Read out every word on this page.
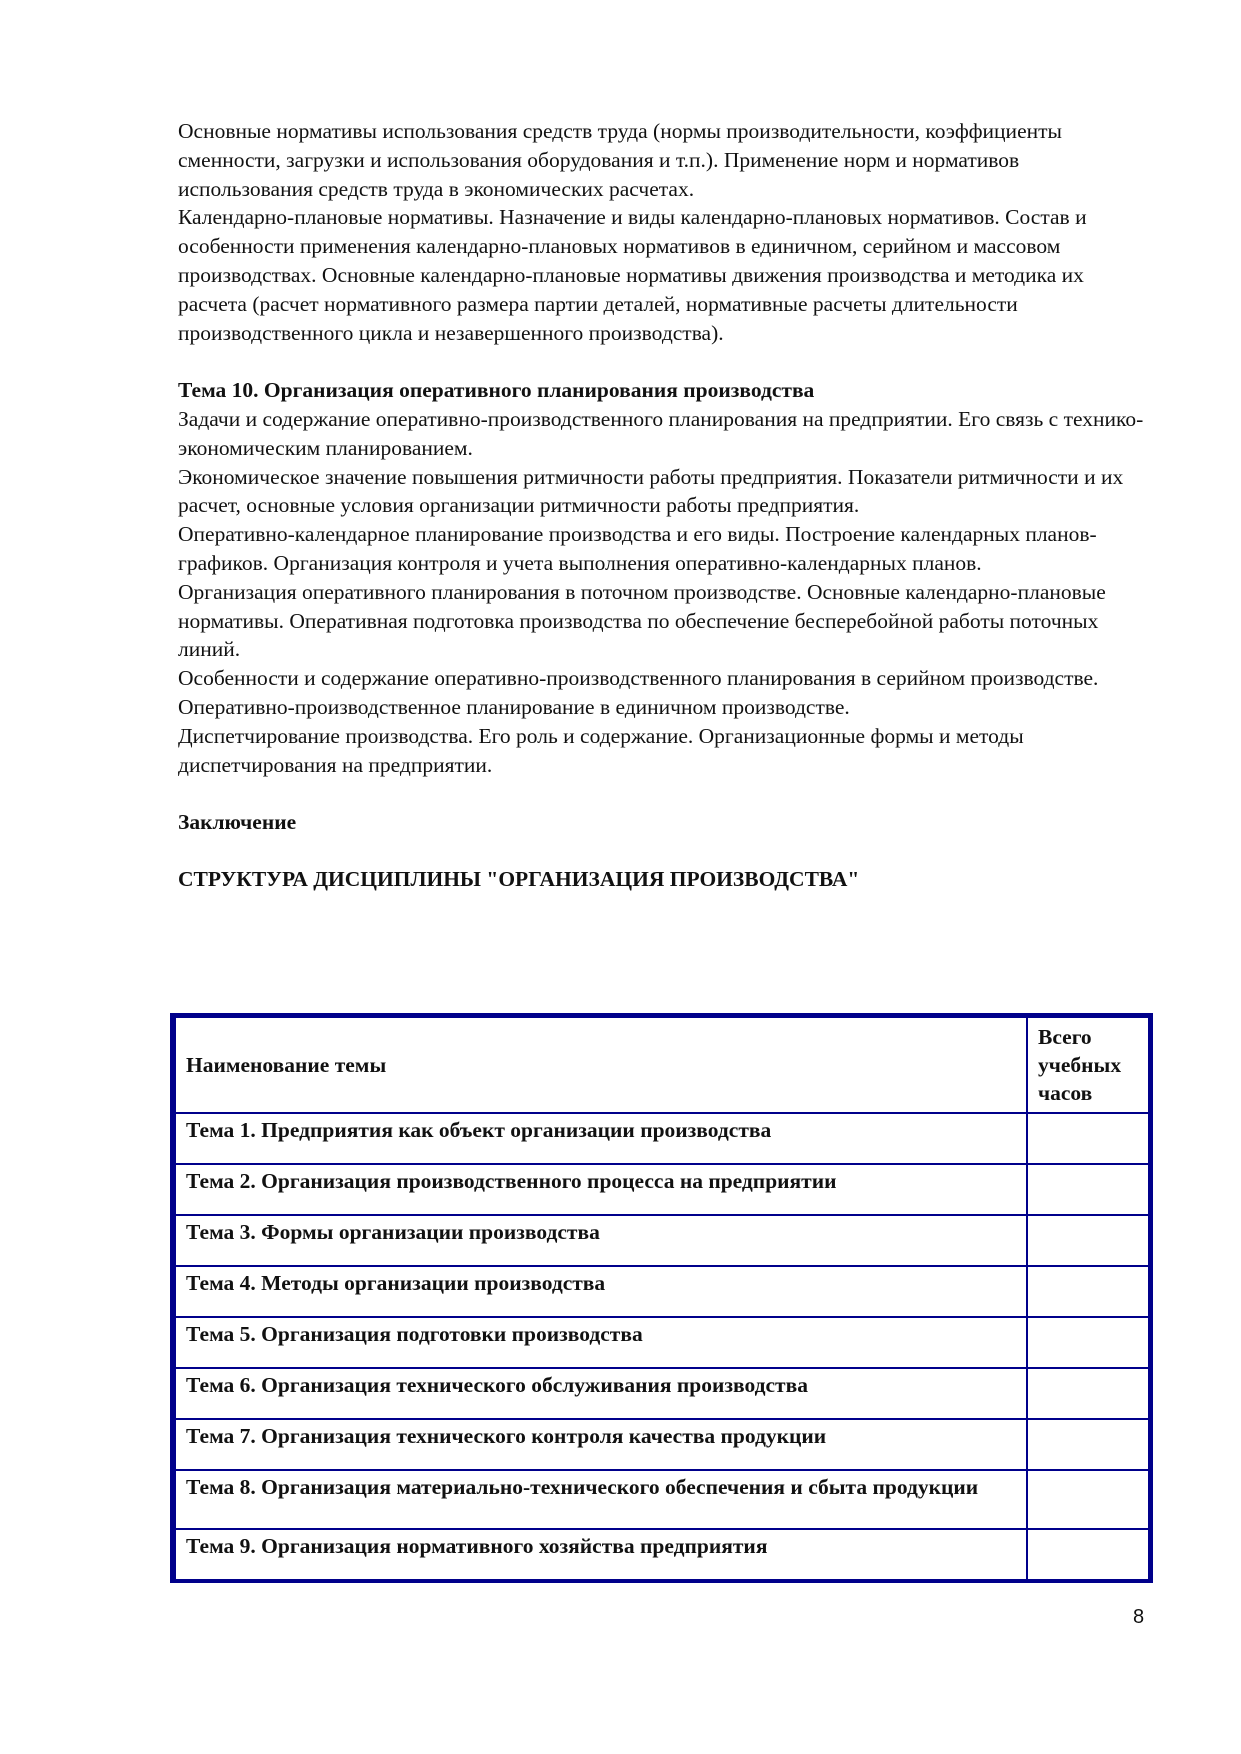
Основные нормативы использования средств труда (нормы производительности, коэффициенты сменности, загрузки и использования оборудования и т.п.). Применение норм и нормативов использования средств труда в экономических расчетах.

Календарно-плановые нормативы. Назначение и виды календарно-плановых нормативов. Состав и особенности применения календарно-плановых нормативов в единичном, серийном и массовом производствах. Основные календарно-плановые нормативы движения производства и методика их расчета (расчет нормативного размера партии деталей, нормативные расчеты длительности производственного цикла и незавершенного производства).

Тема 10. Организация оперативного планирования производства

Задачи и содержание оперативно-производственного планирования на предприятии. Его связь с технико-экономическим планированием.

Экономическое значение повышения ритмичности работы предприятия. Показатели ритмичности и их расчет, основные условия организации ритмичности работы предприятия.

Оперативно-календарное планирование производства и его виды. Построение календарных планов-графиков. Организация контроля и учета выполнения оперативно-календарных планов.

Организация оперативного планирования в поточном производстве. Основные календарно-плановые нормативы. Оперативная подготовка производства по обеспечение бесперебойной работы поточных линий.

Особенности и содержание оперативно-производственного планирования в серийном производстве.

Оперативно-производственное планирование в единичном производстве.

Диспетчирование производства. Его роль и содержание. Организационные формы и методы диспетчирования на предприятии.

Заключение

СТРУКТУРА ДИСЦИПЛИНЫ "ОРГАНИЗАЦИЯ ПРОИЗВОДСТВА"

Наименование темы	Всего учебных часов
Тема 1. Предприятия как объект организации производства	
Тема 2. Организация производственного процесса на предприятии	
Тема 3. Формы организации производства	
Тема 4. Методы организации производства	
Тема 5. Организация подготовки производства	
Тема 6. Организация технического обслуживания производства	
Тема 7. Организация технического контроля качества продукции	
Тема 8. Организация материально-технического обеспечения и сбыта продукции	
Тема 9. Организация нормативного хозяйства предприятия	
8
